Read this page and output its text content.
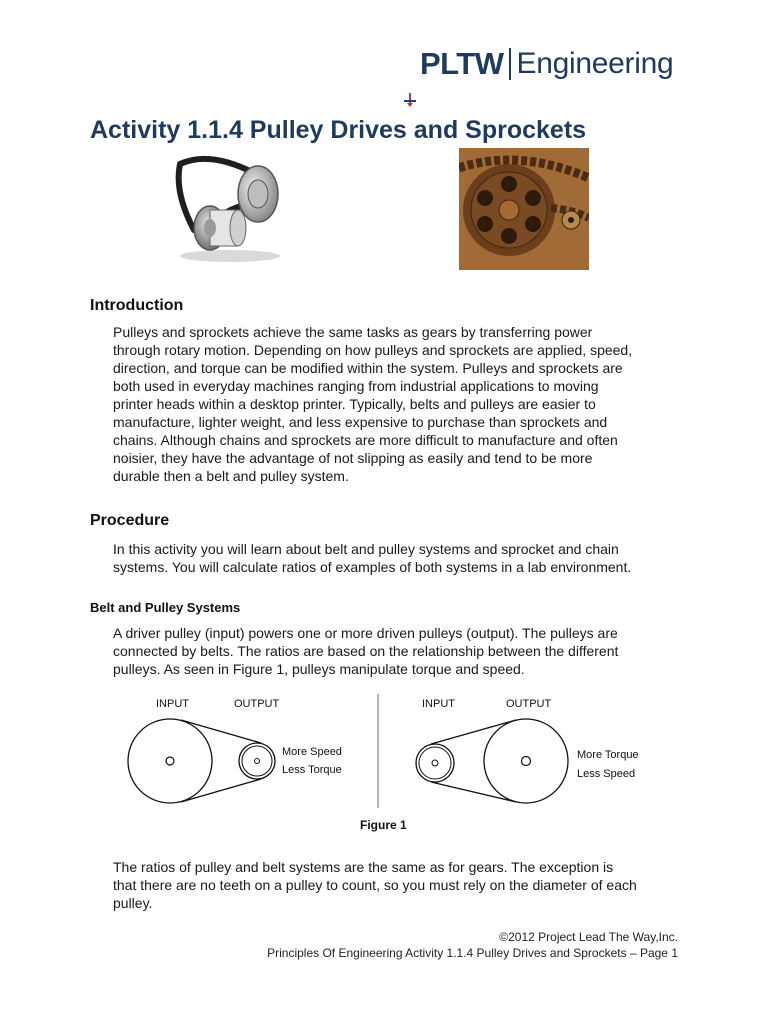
PLTW Engineering
Activity 1.1.4 Pulley Drives and Sprockets
Introduction
Pulleys and sprockets achieve the same tasks as gears by transferring power
through rotary motion. Depending on how pulleys and sprockets are applied, speed,
direction, and torque can be modified within the system. Pulleys and sprockets are
both used in everyday machines ranging from industrial applications to moving
printer heads within a desktop printer. Typically, belts and pulleys are easier to
manufacture, lighter weight, and less expensive to purchase than sprockets and
chains. Although chains and sprockets are more difficult to manufacture and often
noisier, they have the advantage of not slipping as easily and tend to be more
durable then a belt and pulley system.
Procedure
In this activity you will learn about belt and pulley systems and sprocket and chain
systems. You will calculate ratios of examples of both systems in a lab environment.
Belt and Pulley Systems
A driver pulley (input) powers one or more driven pulleys (output). The pulleys are
connected by belts. The ratios are based on the relationship between the different
pulleys. As seen in Figure 1, pulleys manipulate torque and speed.
INPUT	OUTPUT
More Speed
Less Torque
INPUT	OUTPUT
More Torque
Less Speed
Figure 1
The ratios of pulley and belt systems are the same as for gears. The exception is
that there are no teeth on a pulley to count, so you must rely on the diameter of each
pulley.
©2012 Project Lead The Way,Inc.
Principles Of Engineering Activity 1.1.4 Pulley Drives and Sprockets – Page 1
